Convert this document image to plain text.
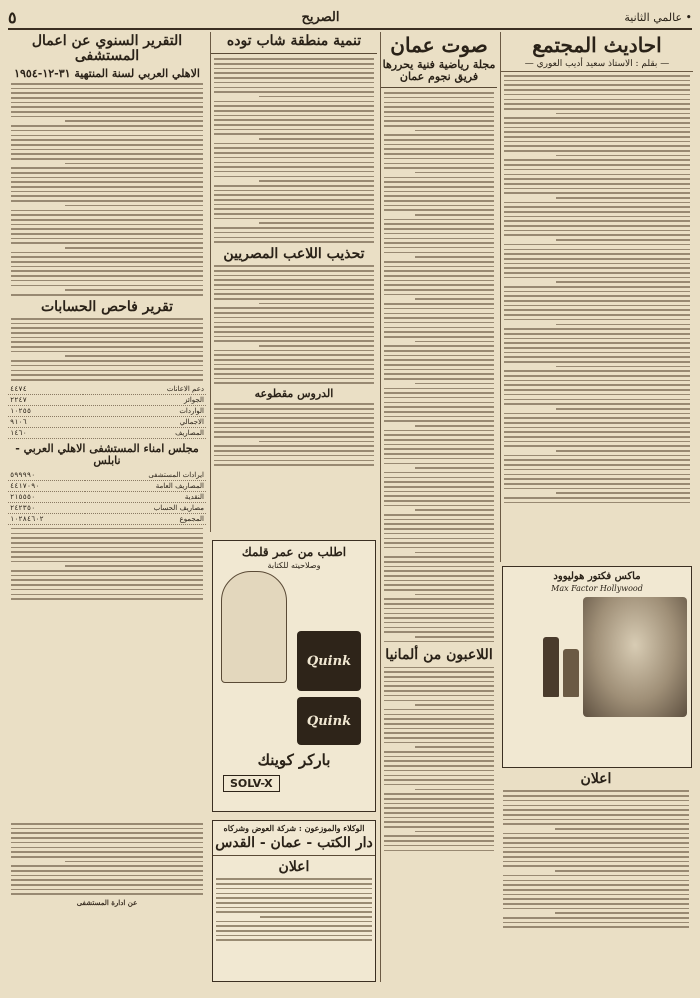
• عالمي الثانية
الصريح
٥
احاديث المجتمع
— بقلم : الاستاذ سعيد أديب العوري —
صوت عمان
مجلة رياضية فنية يحررها فريق نجوم عمان
اللاعبون من ألمانيا
تنمية منطقة شاب توده
تحذيب اللاعب المصريين
الدروس مقطوعه
التقرير السنوي عن اعمال المستشفى
الاهلي العربي لسنة المنتهية ٣١-١٢-١٩٥٤
تقرير فاحص الحسابات
دعم الاعانات	٤٤٧٤
الجوائز	٢٢٤٧
الواردات	١٠٢٥٥
الاجمالي	٩١٠٦
المصاريف	١٤٦٠
مجلس امناء المستشفى الاهلي العربي - نابلس
ايرادات المستشفى	٥٩٩٩٩٠
المصاريف العامة	٤٤١٧٠٩٠
النقدية	٢١٥٥٥٠
مصاريف الحساب	٢٤٢٣٥٠
المجموع	١٠٢٨٤٦٠٢
ماكس فكتور هوليوود
Max Factor Hollywood
اعلان
اطلب من عمر قلمك
وصلاحيته للكتابة
Quink
Quink
باركر كوينك
SOLV-X
الوكلاء والموزعون : شركة العوض وشركاه
دار الكتب - عمان - القدس
اعلان
عن ادارة المستشفى
